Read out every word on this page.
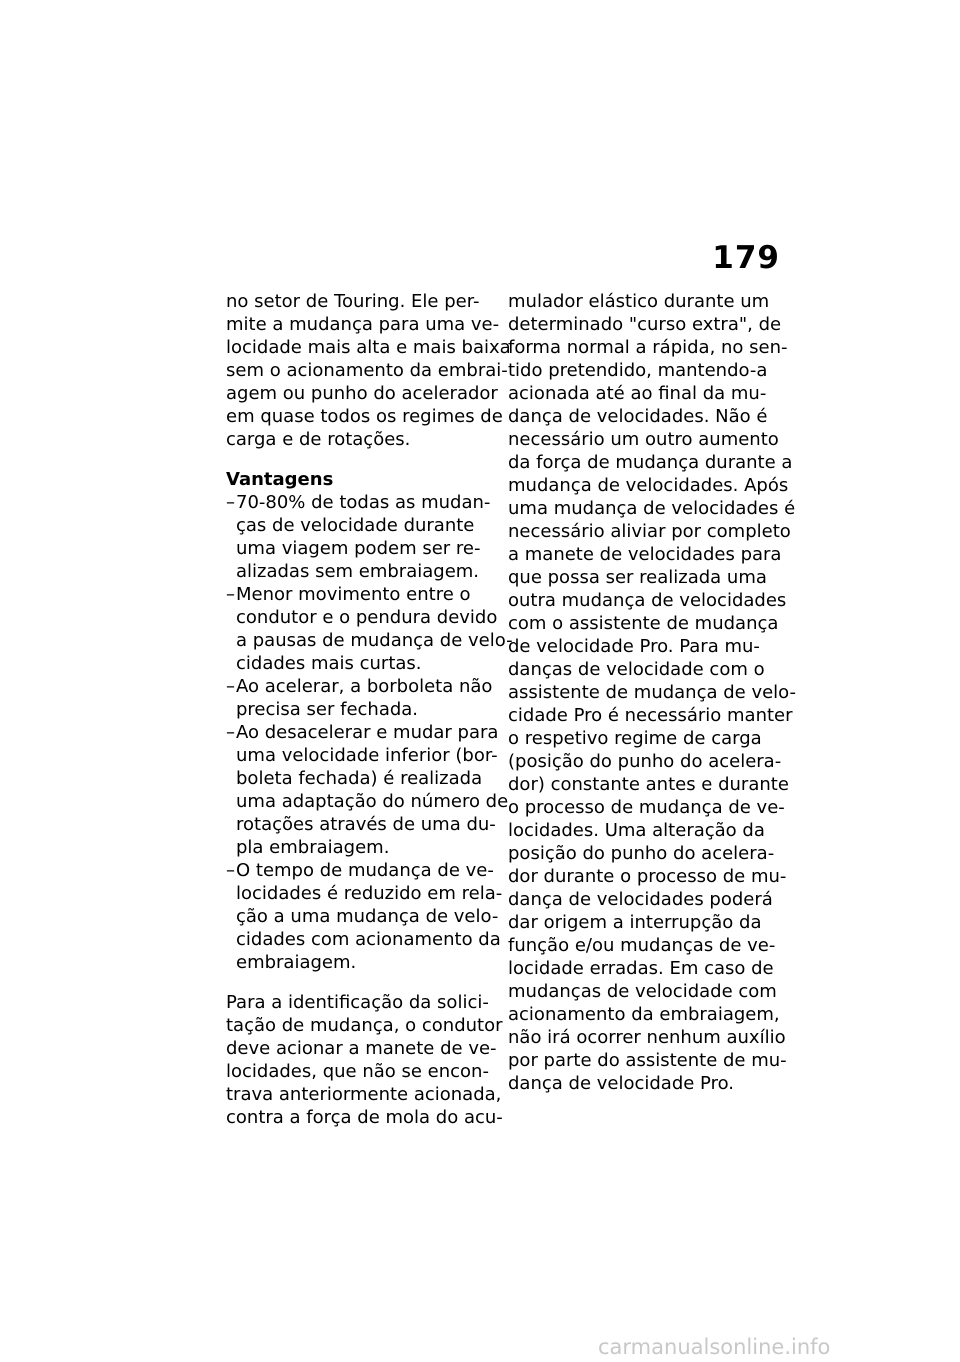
179
no setor de Touring. Ele per-
mite a mudança para uma ve-
locidade mais alta e mais baixa
sem o acionamento da embrai-
agem ou punho do acelerador
em quase todos os regimes de
carga e de rotações.
Vantagens
– 70-80% de todas as mudan-
ças de velocidade durante
uma viagem podem ser re-
alizadas sem embraiagem.
– Menor movimento entre o
condutor e o pendura devido
a pausas de mudança de velo-
cidades mais curtas.
– Ao acelerar, a borboleta não
precisa ser fechada.
– Ao desacelerar e mudar para
uma velocidade inferior (bor-
boleta fechada) é realizada
uma adaptação do número de
rotações através de uma du-
pla embraiagem.
– O tempo de mudança de ve-
locidades é reduzido em rela-
ção a uma mudança de velo-
cidades com acionamento da
embraiagem.
Para a identificação da solici-
tação de mudança, o condutor
deve acionar a manete de ve-
locidades, que não se encon-
trava anteriormente acionada,
contra a força de mola do acu-
mulador elástico durante um
determinado "curso extra", de
forma normal a rápida, no sen-
tido pretendido, mantendo-a
acionada até ao final da mu-
dança de velocidades. Não é
necessário um outro aumento
da força de mudança durante a
mudança de velocidades. Após
uma mudança de velocidades é
necessário aliviar por completo
a manete de velocidades para
que possa ser realizada uma
outra mudança de velocidades
com o assistente de mudança
de velocidade Pro. Para mu-
danças de velocidade com o
assistente de mudança de velo-
cidade Pro é necessário manter
o respetivo regime de carga
(posição do punho do acelera-
dor) constante antes e durante
o processo de mudança de ve-
locidades. Uma alteração da
posição do punho do acelera-
dor durante o processo de mu-
dança de velocidades poderá
dar origem a interrupção da
função e/ou mudanças de ve-
locidade erradas. Em caso de
mudanças de velocidade com
acionamento da embraiagem,
não irá ocorrer nenhum auxílio
por parte do assistente de mu-
dança de velocidade Pro.
carmanualsonline.info
